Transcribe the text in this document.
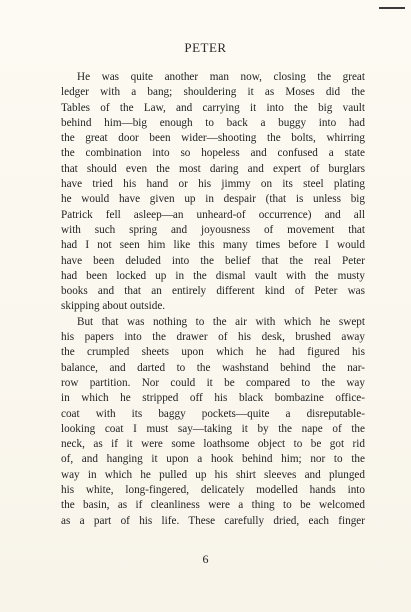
PETER
He was quite another man now, closing the great
ledger with a bang; shouldering it as Moses did the
Tables of the Law, and carrying it into the big vault
behind him—big enough to back a buggy into had
the great door been wider—shooting the bolts, whirring
the combination into so hopeless and confused a state
that should even the most daring and expert of burglars
have tried his hand or his jimmy on its steel plating
he would have given up in despair (that is unless big
Patrick fell asleep—an unheard-of occurrence) and all
with such spring and joyousness of movement that
had I not seen him like this many times before I would
have been deluded into the belief that the real Peter
had been locked up in the dismal vault with the musty
books and that an entirely different kind of Peter was
skipping about outside.
But that was nothing to the air with which he swept
his papers into the drawer of his desk, brushed away
the crumpled sheets upon which he had figured his
balance, and darted to the washstand behind the nar-
row partition. Nor could it be compared to the way
in which he stripped off his black bombazine office-
coat with its baggy pockets—quite a disreputable-
looking coat I must say—taking it by the nape of the
neck, as if it were some loathsome object to be got rid
of, and hanging it upon a hook behind him; nor to the
way in which he pulled up his shirt sleeves and plunged
his white, long-fingered, delicately modelled hands into
the basin, as if cleanliness were a thing to be welcomed
as a part of his life. These carefully dried, each finger
6
